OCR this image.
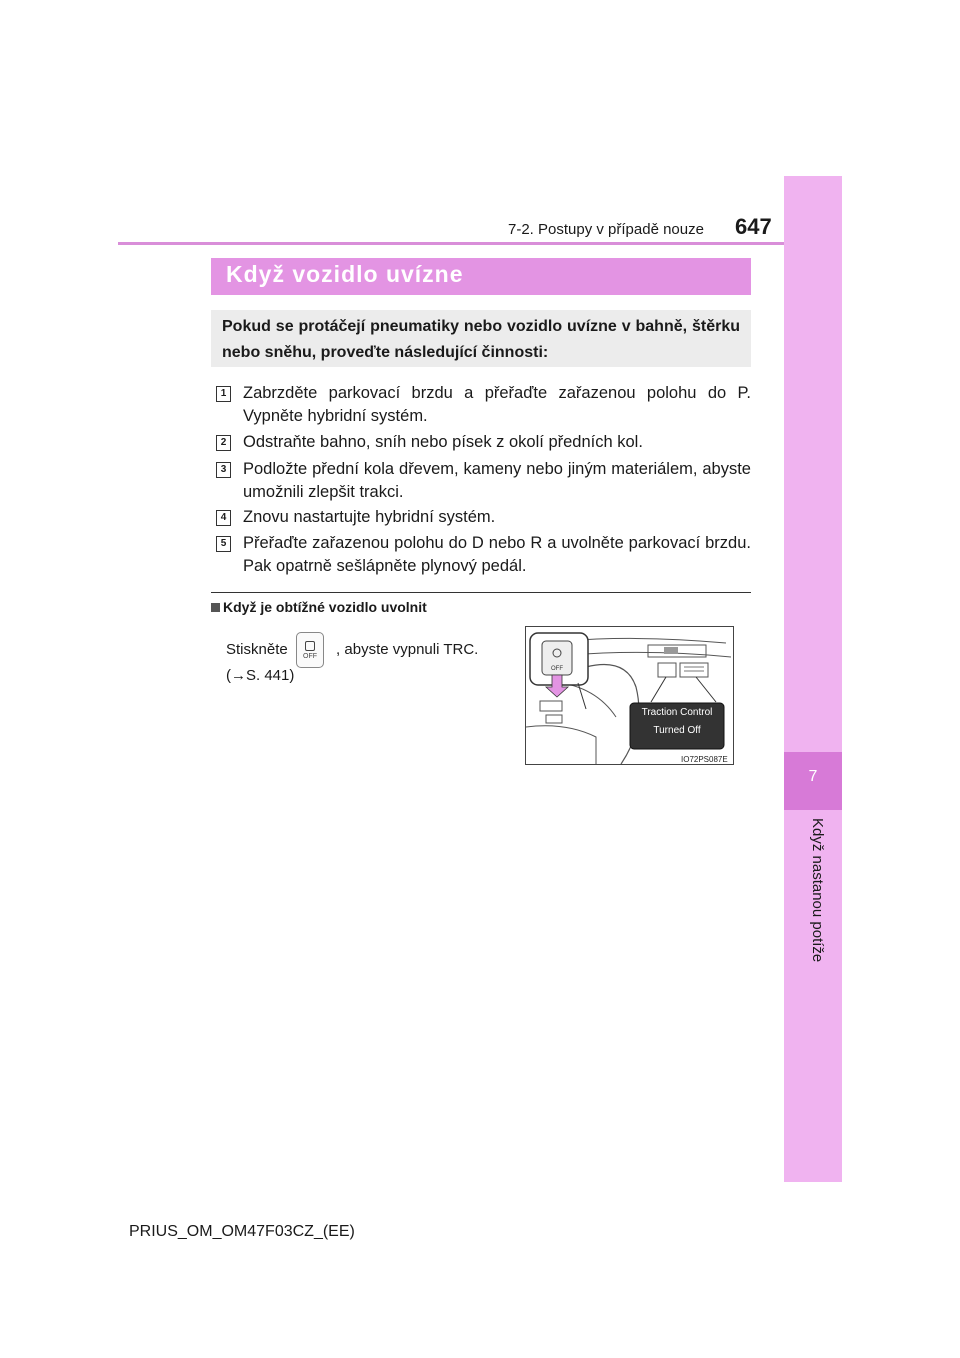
7
Když nastanou potíže
7-2. Postupy v případě nouze 647
Když vozidlo uvízne
Pokud se protáčejí pneumatiky nebo vozidlo uvízne v bahně, štěrku nebo sněhu, proveďte následující činnosti:
1 Zabrzděte parkovací brzdu a přeřaďte zařazenou polohu do P. Vypněte hybridní systém.
2 Odstraňte bahno, sníh nebo písek z okolí předních kol.
3 Podložte přední kola dřevem, kameny nebo jiným materiálem, abyste umožnili zlepšit trakci.
4 Znovu nastartujte hybridní systém.
5 Přeřaďte zařazenou polohu do D nebo R a uvolněte parkovací brzdu. Pak opatrně sešlápněte plynový pedál.
Když je obtížné vozidlo uvolnit
Stiskněte	, abyste vypnuli TRC.
OFF
(→S. 441)	OFF
Traction Control
Turned Off
IO72PS087E
PRIUS_OM_OM47F03CZ_(EE)
